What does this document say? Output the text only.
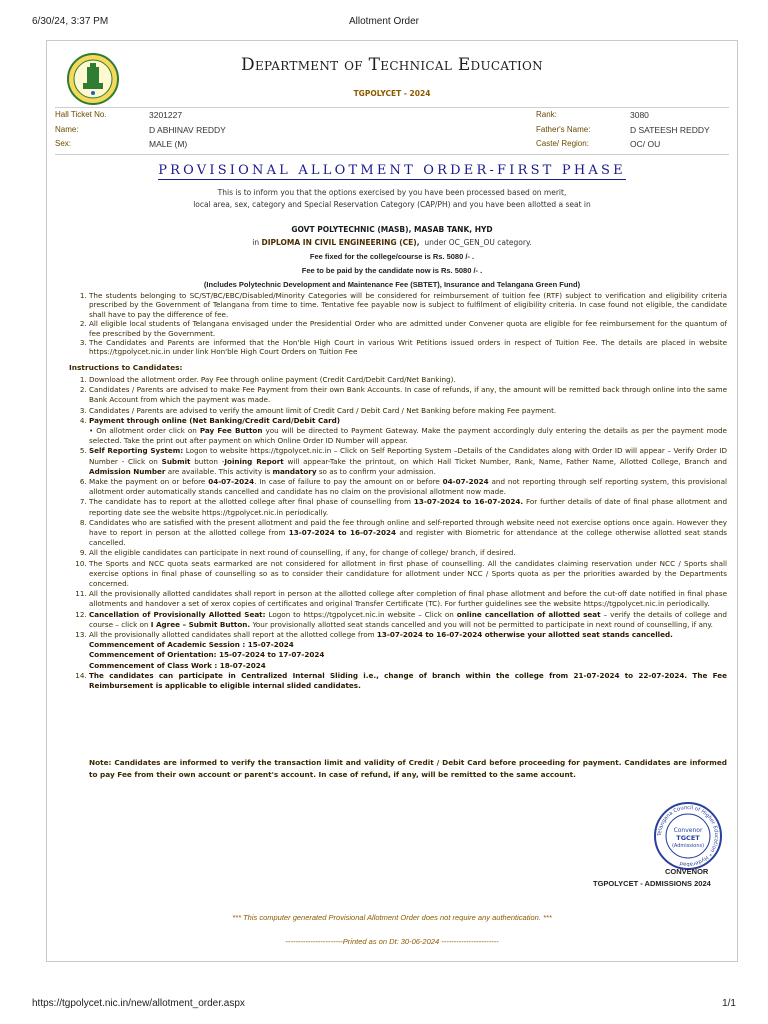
6/30/24, 3:37 PM	Allotment Order
Department of Technical Education
TGPOLYCET - 2024
Hall Ticket No.	3201227	Rank:	3080
Name:	D ABHINAV REDDY	Father's Name:	D SATEESH REDDY
Sex:	MALE (M)	Caste/ Region:	OC/ OU
PROVISIONAL ALLOTMENT ORDER-FIRST PHASE
This is to inform you that the options exercised by you have been processed based on merit,
local area, sex, category and Special Reservation Category (CAP/PH) and you have been allotted a seat in
GOVT POLYTECHNIC (MASB), MASAB TANK, HYD
in DIPLOMA IN CIVIL ENGINEERING (CE), under OC_GEN_OU category.
Fee fixed for the college/course is Rs. 5080 /- .
Fee to be paid by the candidate now is Rs. 5080 /- .
(Includes Polytechnic Development and Maintenance Fee (SBTET), Insurance and Telangana Green Fund)
1. The students belonging to SC/ST/BC/EBC/Disabled/Minority Categories will be considered for reimbursement of tuition fee (RTF) subject to verification and eligibility criteria prescribed by the Government of Telangana from time to time. Tentative fee payable now is subject to fulfilment of eligibility criteria. In case found not eligible, the candidate shall have to pay the difference of fee.
2. All eligible local students of Telangana envisaged under the Presidential Order who are admitted under Convener quota are eligible for fee reimbursement for the quantum of fee prescribed by the Government.
3. The Candidates and Parents are informed that the Hon'ble High Court in various Writ Petitions issued orders in respect of Tuition Fee. The details are placed in website https://tgpolycet.nic.in under link Hon'ble High Court Orders on Tuition Fee
Instructions to Candidates:
1. Download the allotment order. Pay Fee through online payment (Credit Card/Debit Card/Net Banking).
2. Candidates / Parents are advised to make Fee Payment from their own Bank Accounts. In case of refunds, if any, the amount will be remitted back through online into the same Bank Account from which the payment was made.
3. Candidates / Parents are advised to verify the amount limit of Credit Card / Debit Card / Net Banking before making Fee payment.
4. Payment through online (Net Banking/Credit Card/Debit Card)
• On allotment order click on Pay Fee Button you will be directed to Payment Gateway. Make the payment accordingly duly entering the details as per the payment mode selected. Take the print out after payment on which Online Order ID Number will appear.
5. Self Reporting System: Logon to website https://tgpolycet.nic.in – Click on Self Reporting System –Details of the Candidates along with Order ID will appear – Verify Order ID Number - Click on Submit button -Joining Report will appear-Take the printout, on which Hall Ticket Number, Rank, Name, Father Name, Allotted College, Branch and Admission Number are available. This activity is mandatory so as to confirm your admission.
6. Make the payment on or before 04-07-2024. In case of failure to pay the amount on or before 04-07-2024 and not reporting through self reporting system, this provisional allotment order automatically stands cancelled and candidate has no claim on the provisional allotment now made.
7. The candidate has to report at the allotted college after final phase of counselling from 13-07-2024 to 16-07-2024. For further details of date of final phase allotment and reporting date see the website https://tgpolycet.nic.in periodically.
8. Candidates who are satisfied with the present allotment and paid the fee through online and self-reported through website need not exercise options once again. However they have to report in person at the allotted college from 13-07-2024 to 16-07-2024 and register with Biometric for attendance at the college otherwise allotted seat stands cancelled.
9. All the eligible candidates can participate in next round of counselling, if any, for change of college/ branch, if desired.
10. The Sports and NCC quota seats earmarked are not considered for allotment in first phase of counselling. All the candidates claiming reservation under NCC / Sports shall exercise options in final phase of counselling so as to consider their candidature for allotment under NCC / Sports quota as per the priorities awarded by the Departments concerned.
11. All the provisionally allotted candidates shall report in person at the allotted college after completion of final phase allotment and before the cut-off date notified in final phase allotments and handover a set of xerox copies of certificates and original Transfer Certificate (TC). For further guidelines see the website https://tgpolycet.nic.in periodically.
12. Cancellation of Provisionally Allotted Seat: Logon to https://tgpolycet.nic.in website – Click on online cancellation of allotted seat – verify the details of college and course – click on I Agree – Submit Button. Your provisionally allotted seat stands cancelled and you will not be permitted to participate in next round of counselling, if any.
13. All the provisionally allotted candidates shall report at the allotted college from 13-07-2024 to 16-07-2024 otherwise your allotted seat stands cancelled.
Commencement of Academic Session : 15-07-2024
Commencement of Orientation: 15-07-2024 to 17-07-2024
Commencement of Class Work : 18-07-2024
14. The candidates can participate in Centralized Internal Sliding i.e., change of branch within the college from 21-07-2024 to 22-07-2024. The Fee Reimbursement is applicable to eligible internal slided candidates.
Note: Candidates are informed to verify the transaction limit and validity of Credit / Debit Card before proceeding for payment. Candidates are informed to pay Fee from their own account or parent's account. In case of refund, if any, will be remitted to the same account.
Telangana Council of Higher Education * Hyderabad
Convenor
TGCET
(Admissions)
CONVENOR
TGPOLYCET - ADMISSIONS 2024
*** This computer generated Provisional Allotment Order does not require any authentication. ***
-----------------------Printed as on Dt: 30-06-2024 -----------------------
https://tgpolycet.nic.in/new/allotment_order.aspx	1/1
